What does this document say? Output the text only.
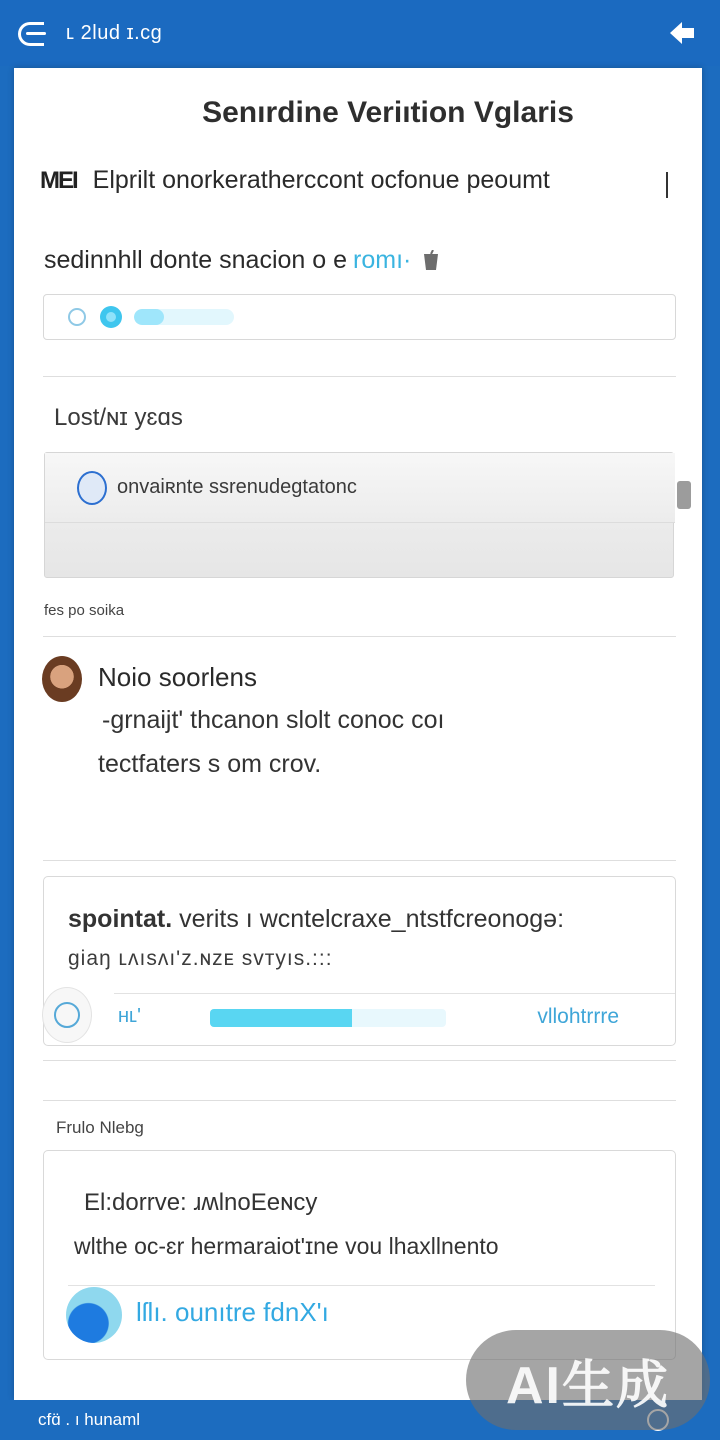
ʟ 2lud ɪ.cg
Senırdine Veriıtion Vglaris
MEI Elprilt onorkeratherccont ocfonue peoumt
sedinnhll donte snacion o e romı·
Lost/ɴɪ yɛɑs
onvaiʀnte ssrenudeɡtatonc
fes po soika
Noio soorlens
-grnaijt' thcanon slolt conoc coı
tectfaters s om crov.
spointat. verits ı wcntelcraxe_ntstfcreonogə:
giaŋ ʟʌısʌı'z.ɴzᴇ svтyıs.:::
ʜʟ'	vllohtrrre
Frulo Nlebg
El:dorrve: ɹʍlnoEeɴcy
wlthe oc-ɛr hermaraiot'ɪne vou lhaxllnento
lſlı. ounıtre fdnX'ı
ᴄfɑ̈ . ı hunaml
AI生成
